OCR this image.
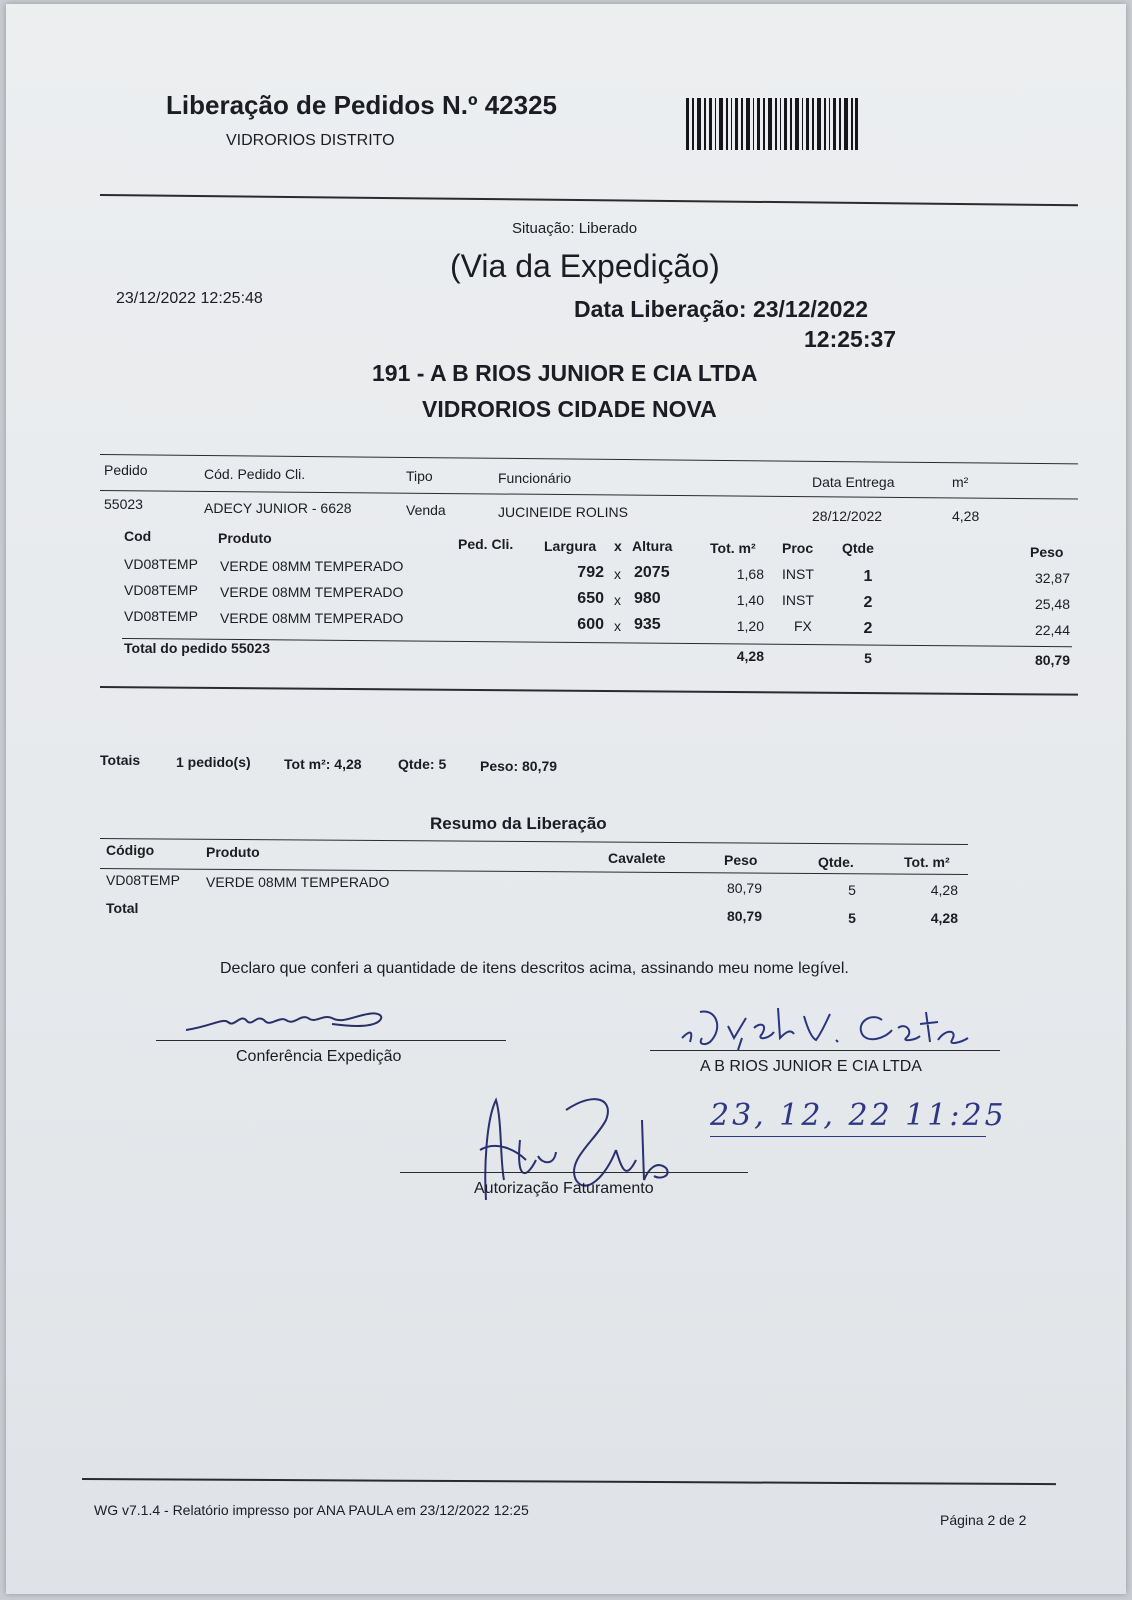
Liberação de Pedidos N.º 42325
VIDRORIOS DISTRITO
Situação: Liberado
(Via da Expedição)
23/12/2022 12:25:48	Data Liberação: 23/12/2022
12:25:37
191 - A B RIOS JUNIOR E CIA LTDA
VIDRORIOS CIDADE NOVA
Pedido	Cód. Pedido Cli.	Tipo	Funcionário	Data Entrega	m²
55023	ADECY JUNIOR - 6628	Venda	JUCINEIDE ROLINS	28/12/2022	4,28
Cod	Produto	Ped. Cli. Largura x Altura	Tot. m² Proc Qtde	Peso
VD08TEMP VERDE 08MM TEMPERADO	792 x 2075	1,68 INST	1	32,87
VD08TEMP VERDE 08MM TEMPERADO	650 x 980	1,40 INST	2	25,48
VD08TEMP VERDE 08MM TEMPERADO	600 x 935	1,20 FX	2	22,44
Total do pedido 55023	4,28	5	80,79
Totais	1 pedido(s) Tot m²: 4,28	Qtde: 5 Peso: 80,79
Resumo da Liberação
Código	Produto	Cavalete	Peso	Qtde.	Tot. m²
VD08TEMP VERDE 08MM TEMPERADO	80,79	5	4,28
Total	80,79	5	4,28
Declaro que conferi a quantidade de itens descritos acima, assinando meu nome legível.
Conferência Expedição
A B RIOS JUNIOR E CIA LTDA
23, 12, 22 11:25
Autorização Faturamento
WG v7.1.4 - Relatório impresso por ANA PAULA em 23/12/2022 12:25
Página 2 de 2
